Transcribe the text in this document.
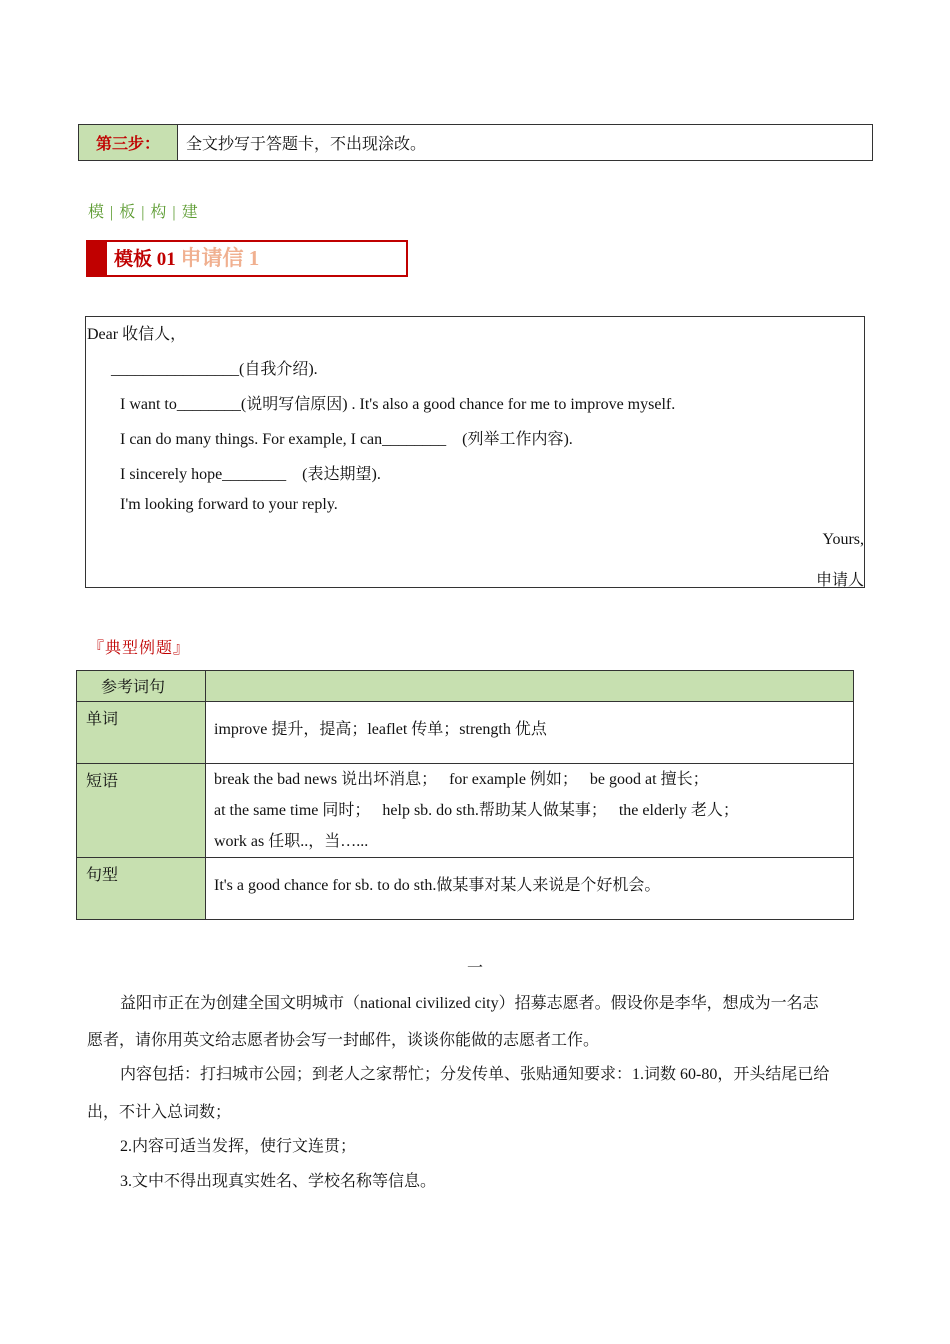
第三步：	全文抄写于答题卡，不出现涂改。
模 | 板 | 构 | 建
模板 01 申请信 1
Dear 收信人，
________________(自我介绍).
I want to________(说明写信原因) . It's also a good chance for me to improve myself.
I can do many things. For example, I can________    (列举工作内容).
I sincerely hope________    (表达期望).
I'm looking forward to your reply.
Yours,
申请人
『典型例题』
参考词句	
单词	improve 提升，提高；leaflet 传单；strength 优点

短语	break the bad news 说出坏消息；   for example 例如；   be good at 擅长；
at the same time 同时；   help sb. do sth.帮助某人做某事；   the elderly 老人；
work as 任职..，当…...

句型	It's a good chance for sb. to do sth.做某事对某人来说是个好机会。
一
益阳市正在为创建全国文明城市（national civilized city）招募志愿者。假设你是李华，想成为一名志
愿者，请你用英文给志愿者协会写一封邮件，谈谈你能做的志愿者工作。
内容包括：打扫城市公园；到老人之家帮忙；分发传单、张贴通知要求：1.词数 60-80，开头结尾已给
出，不计入总词数；
2.内容可适当发挥，使行文连贯；
3.文中不得出现真实姓名、学校名称等信息。
